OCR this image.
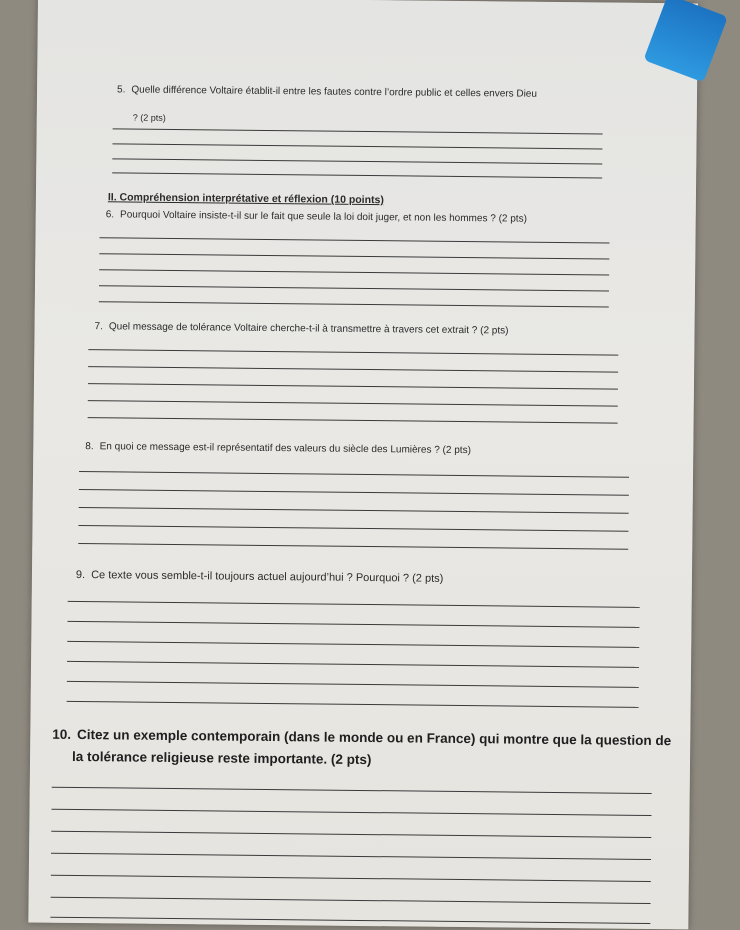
5. Quelle différence Voltaire établit-il entre les fautes contre l’ordre public et celles envers Dieu
? (2 pts)
II. Compréhension interprétative et réflexion (10 points)
6. Pourquoi Voltaire insiste-t-il sur le fait que seule la loi doit juger, et non les hommes ? (2 pts)
7. Quel message de tolérance Voltaire cherche-t-il à transmettre à travers cet extrait ? (2 pts)
8. En quoi ce message est-il représentatif des valeurs du siècle des Lumières ? (2 pts)
9. Ce texte vous semble-t-il toujours actuel aujourd’hui ? Pourquoi ? (2 pts)
10. Citez un exemple contemporain (dans le monde ou en France) qui montre que la question de
la tolérance religieuse reste importante. (2 pts)
